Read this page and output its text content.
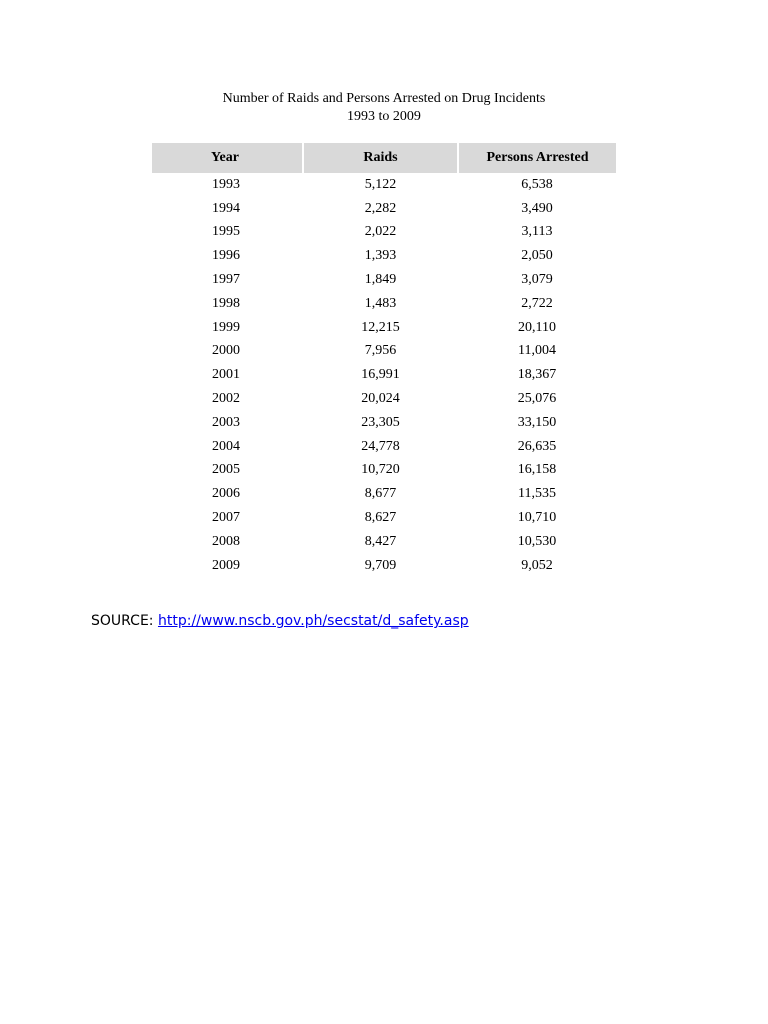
Number of Raids and Persons Arrested on Drug Incidents
1993 to 2009
Year	Raids	Persons Arrested
1993	5,122	6,538
1994	2,282	3,490
1995	2,022	3,113
1996	1,393	2,050
1997	1,849	3,079
1998	1,483	2,722
1999	12,215	20,110
2000	7,956	11,004
2001	16,991	18,367
2002	20,024	25,076
2003	23,305	33,150
2004	24,778	26,635
2005	10,720	16,158
2006	8,677	11,535
2007	8,627	10,710
2008	8,427	10,530
2009	9,709	9,052
SOURCE: http://www.nscb.gov.ph/secstat/d_safety.asp
